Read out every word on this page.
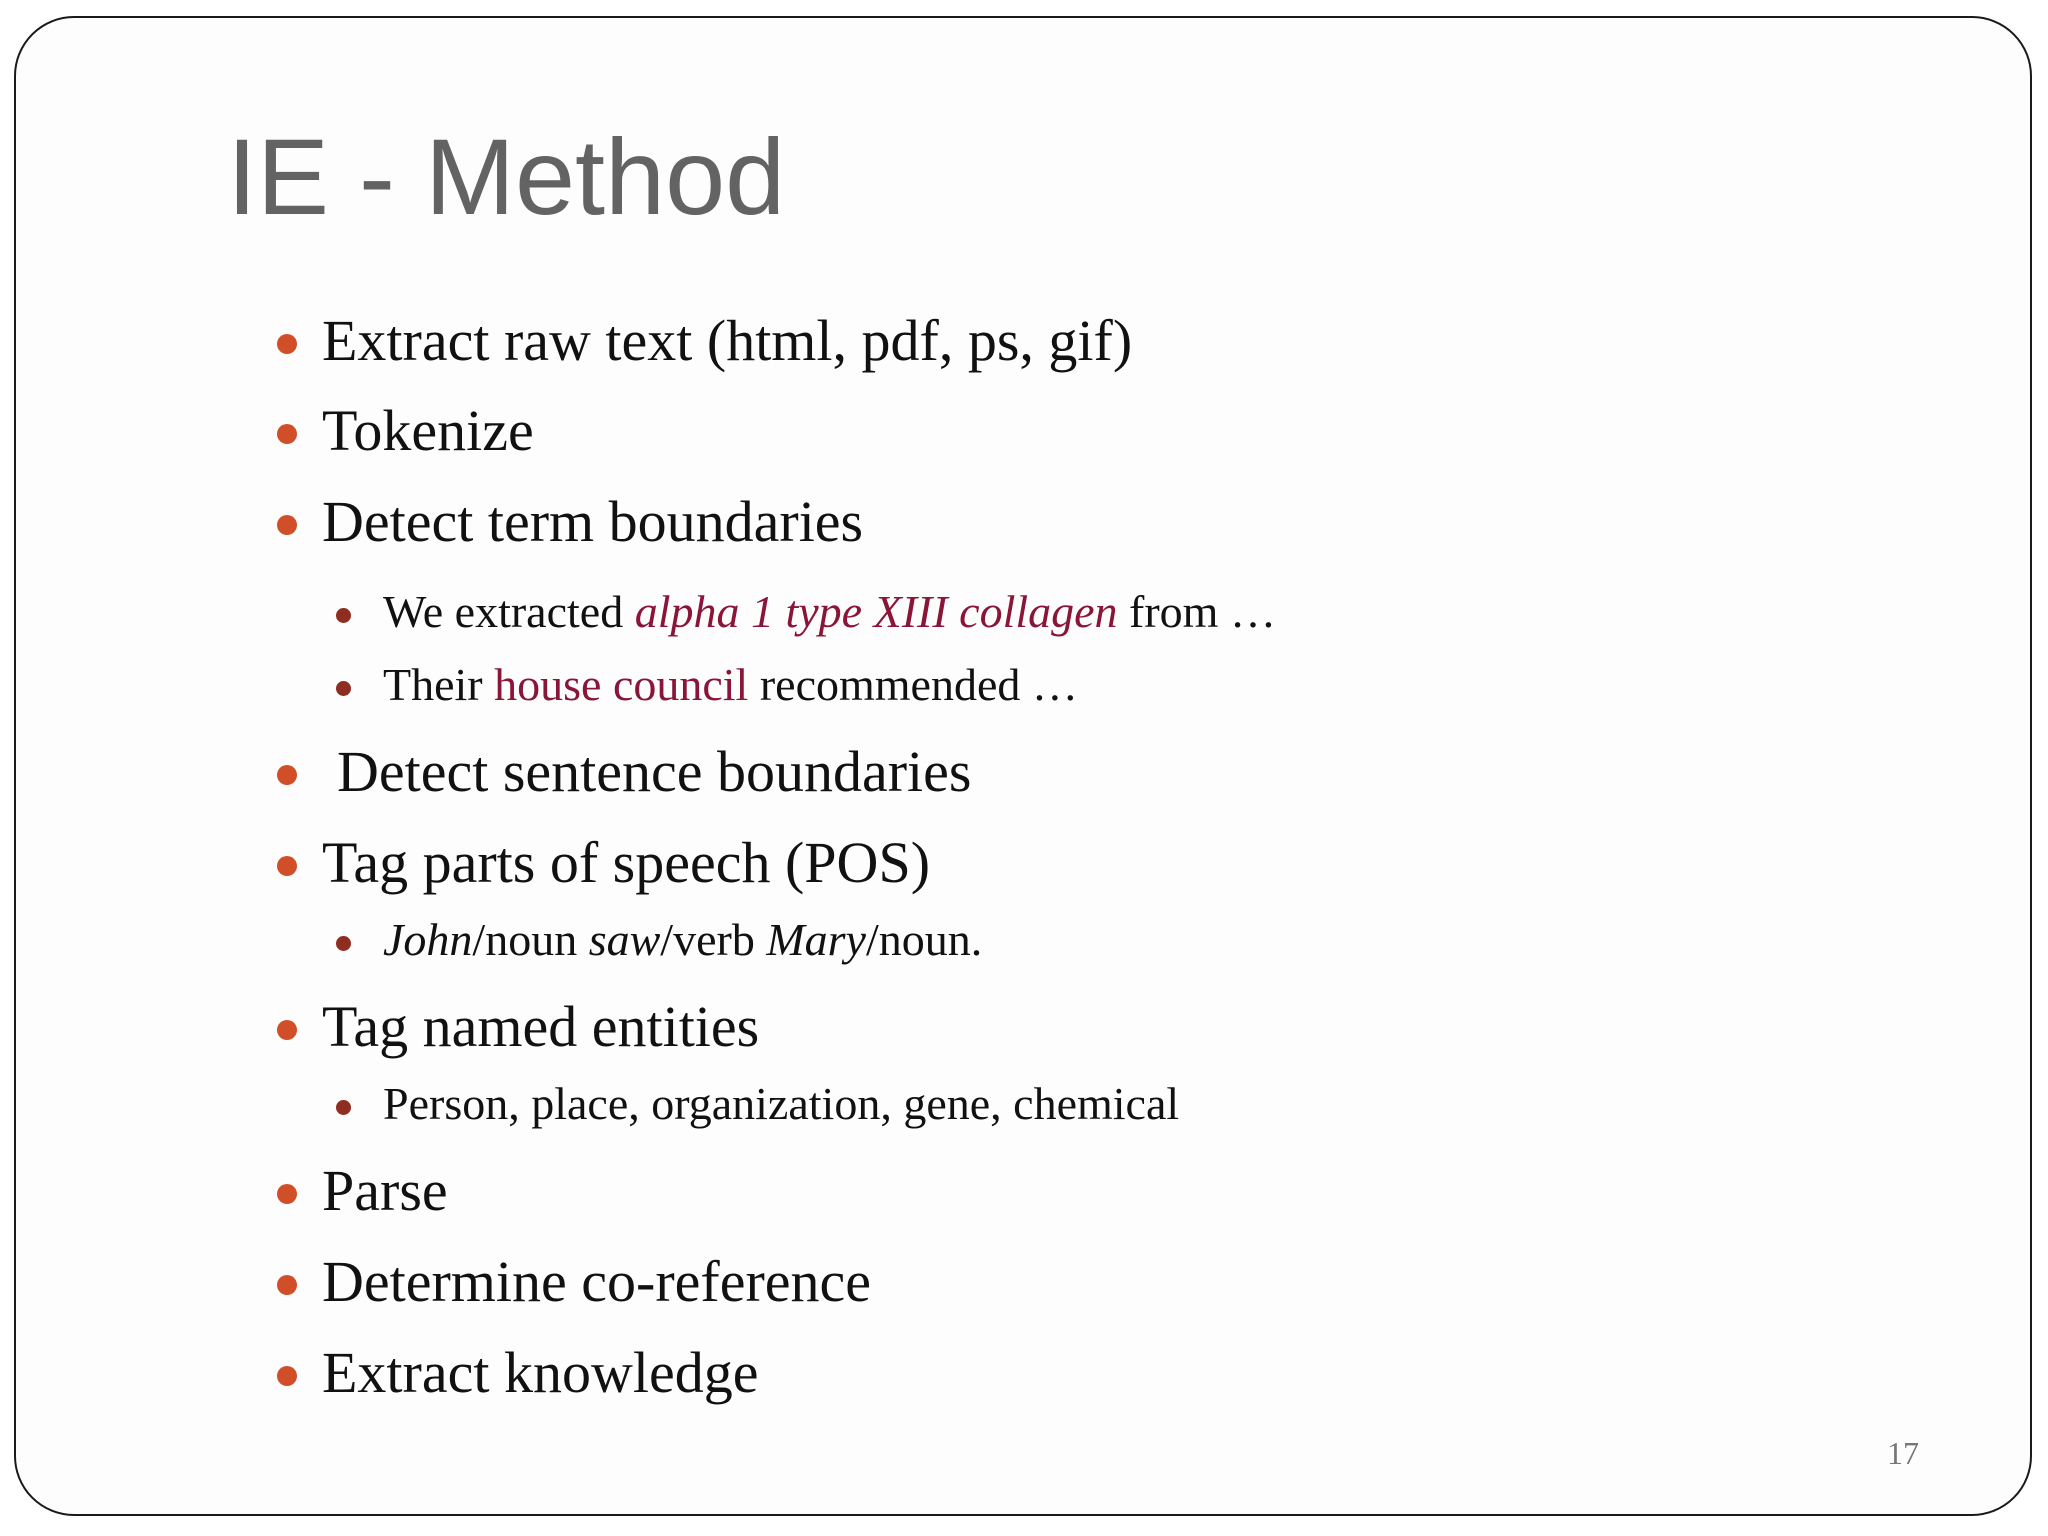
IE - Method

Extract raw text (html, pdf, ps, gif)

Tokenize

Detect term boundaries

We extracted alpha 1 type XIII collagen from …

Their house council recommended …

Detect sentence boundaries

Tag parts of speech (POS)

John/noun saw/verb Mary/noun.

Tag named entities

Person, place, organization, gene, chemical

Parse

Determine co-reference

Extract knowledge

17
